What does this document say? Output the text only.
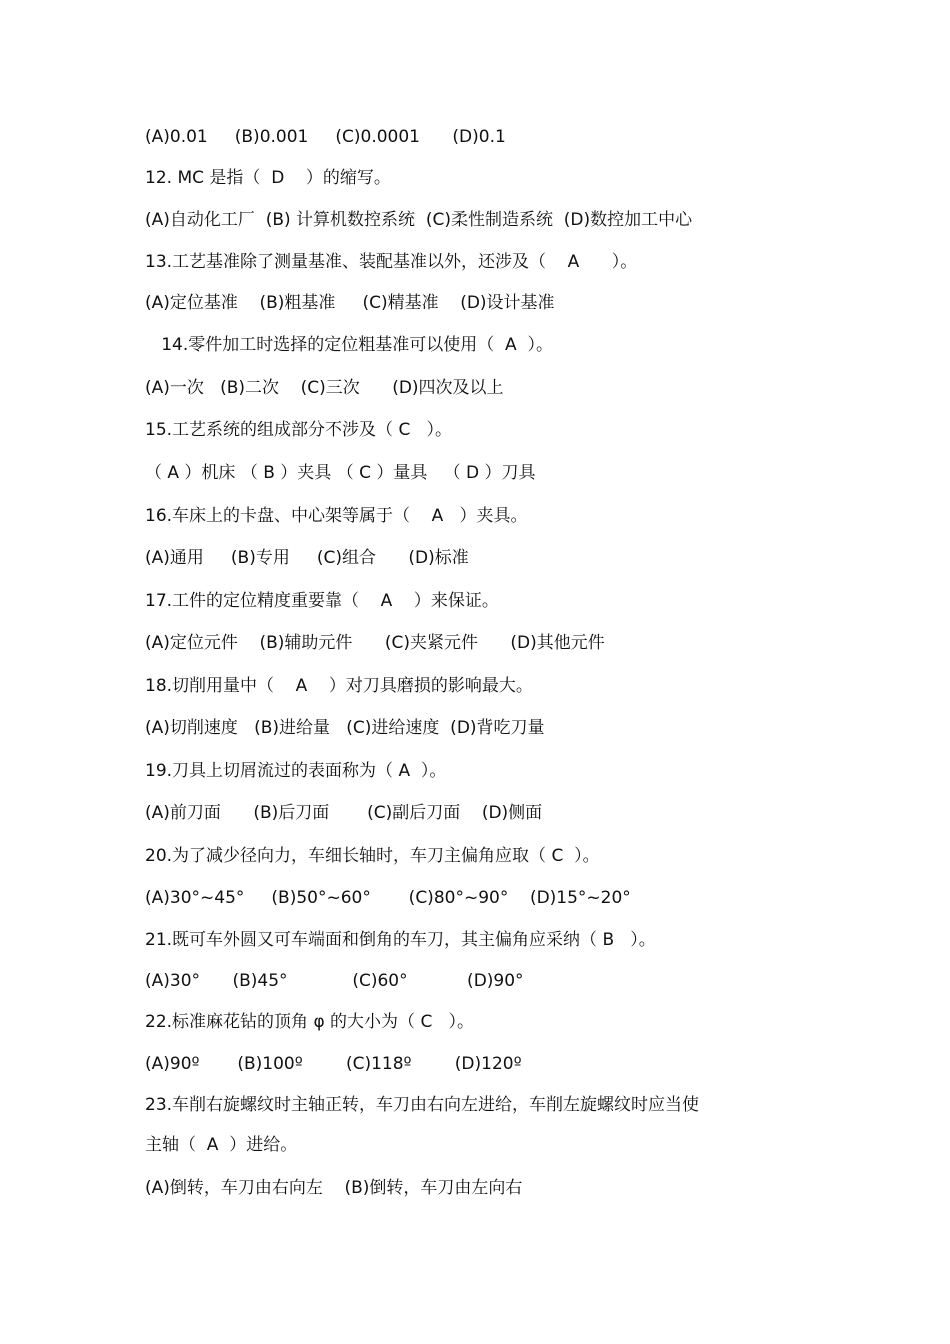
(A)0.01     (B)0.001     (C)0.0001      (D)0.1
12. MC 是指（  D    ）的缩写。
(A)自动化工厂  (B) 计算机数控系统  (C)柔性制造系统  (D)数控加工中心
13.工艺基准除了测量基准、装配基准以外，还涉及（    A      ）。
(A)定位基准    (B)粗基准     (C)精基准    (D)设计基准
14.零件加工时选择的定位粗基准可以使用（  A  ）。
(A)一次   (B)二次    (C)三次      (D)四次及以上
15.工艺系统的组成部分不涉及（ C   ）。
（ A ）机床 （ B ）夹具 （ C ）量具   （ D ）刀具
16.车床上的卡盘、中心架等属于（    A   ）夹具。
(A)通用     (B)专用     (C)组合      (D)标准
17.工件的定位精度重要靠（    A    ）来保证。
(A)定位元件    (B)辅助元件      (C)夹紧元件      (D)其他元件
18.切削用量中（    A    ）对刀具磨损的影响最大。
(A)切削速度   (B)进给量   (C)进给速度  (D)背吃刀量
19.刀具上切屑流过的表面称为（ A  ）。
(A)前刀面      (B)后刀面       (C)副后刀面    (D)侧面
20.为了减少径向力，车细长轴时，车刀主偏角应取（ C  ）。
(A)30°~45°     (B)50°~60°       (C)80°~90°    (D)15°~20°
21.既可车外圆又可车端面和倒角的车刀，其主偏角应采纳（ B   ）。
(A)30°      (B)45°            (C)60°           (D)90°
22.标准麻花钻的顶角 φ 的大小为（ C   ）。
(A)90º       (B)100º        (C)118º        (D)120º
23.车削右旋螺纹时主轴正转，车刀由右向左进给，车削左旋螺纹时应当使
主轴（  A  ）进给。
(A)倒转，车刀由右向左    (B)倒转，车刀由左向右
